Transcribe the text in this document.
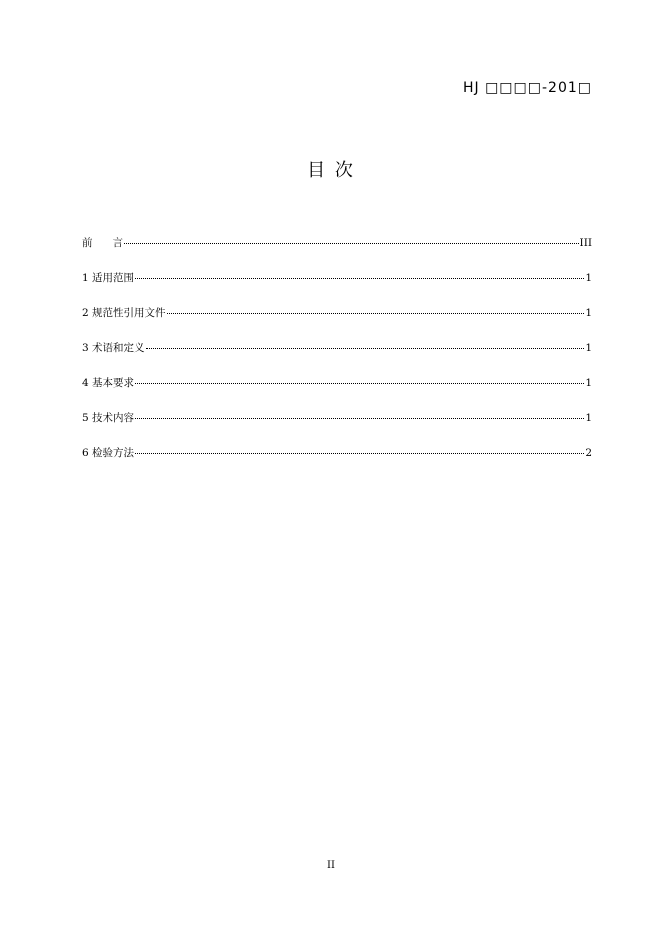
HJ □□□□-201□
目 次
前      言	III
1 适用范围	1
2 规范性引用文件	1
3 术语和定义	1
4 基本要求	1
5 技术内容	1
6 检验方法	2
II
